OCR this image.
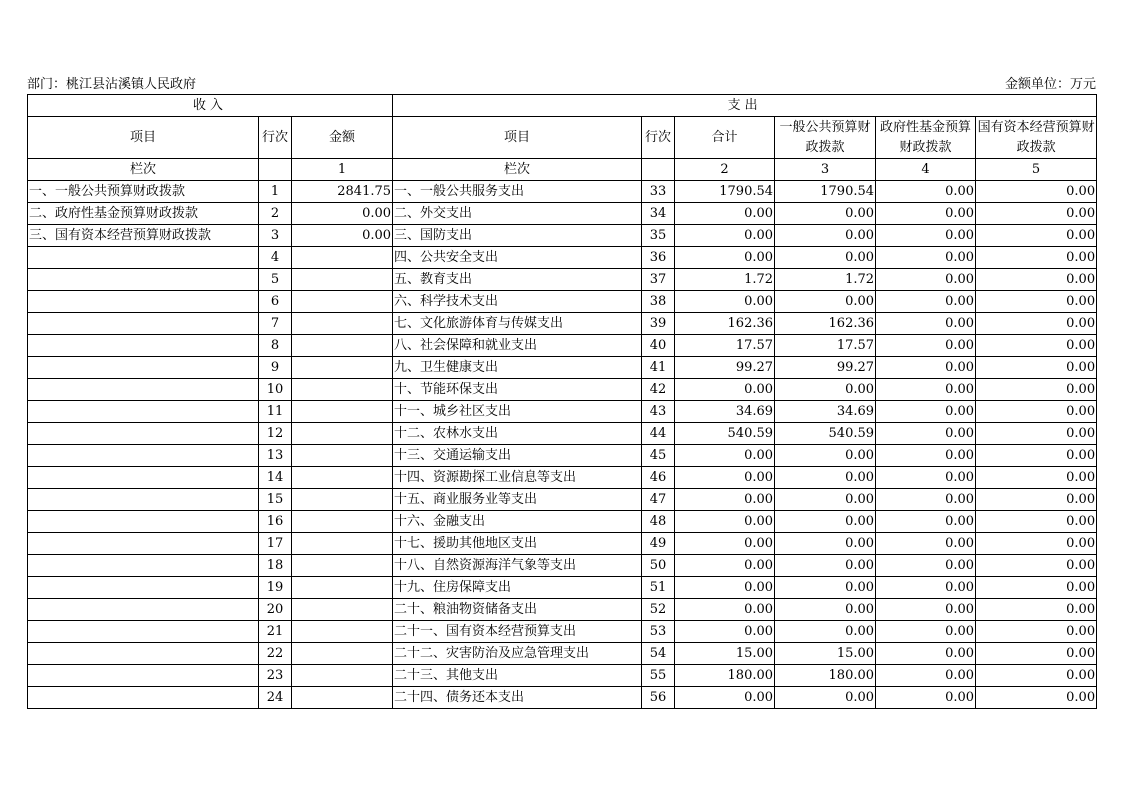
部门：桃江县沾溪镇人民政府	金额单位：万元
收入			支出					
项目	行次	金额	项目	行次	合计	一般公共预算财政拨款	政府性基金预算财政拨款	国有资本经营预算财政拨款
栏次		1	栏次		2	3	4	5
一、一般公共预算财政拨款	1	2841.75	一、一般公共服务支出	33	1790.54	1790.54	0.00	0.00
二、政府性基金预算财政拨款	2	0.00	二、外交支出	34	0.00	0.00	0.00	0.00
三、国有资本经营预算财政拨款	3	0.00	三、国防支出	35	0.00	0.00	0.00	0.00
	4		四、公共安全支出	36	0.00	0.00	0.00	0.00
	5		五、教育支出	37	1.72	1.72	0.00	0.00
	6		六、科学技术支出	38	0.00	0.00	0.00	0.00
	7		七、文化旅游体育与传媒支出	39	162.36	162.36	0.00	0.00
	8		八、社会保障和就业支出	40	17.57	17.57	0.00	0.00
	9		九、卫生健康支出	41	99.27	99.27	0.00	0.00
	10		十、节能环保支出	42	0.00	0.00	0.00	0.00
	11		十一、城乡社区支出	43	34.69	34.69	0.00	0.00
	12		十二、农林水支出	44	540.59	540.59	0.00	0.00
	13		十三、交通运输支出	45	0.00	0.00	0.00	0.00
	14		十四、资源勘探工业信息等支出	46	0.00	0.00	0.00	0.00
	15		十五、商业服务业等支出	47	0.00	0.00	0.00	0.00
	16		十六、金融支出	48	0.00	0.00	0.00	0.00
	17		十七、援助其他地区支出	49	0.00	0.00	0.00	0.00
	18		十八、自然资源海洋气象等支出	50	0.00	0.00	0.00	0.00
	19		十九、住房保障支出	51	0.00	0.00	0.00	0.00
	20		二十、粮油物资储备支出	52	0.00	0.00	0.00	0.00
	21		二十一、国有资本经营预算支出	53	0.00	0.00	0.00	0.00
	22		二十二、灾害防治及应急管理支出	54	15.00	15.00	0.00	0.00
	23		二十三、其他支出	55	180.00	180.00	0.00	0.00
	24		二十四、债务还本支出	56	0.00	0.00	0.00	0.00
